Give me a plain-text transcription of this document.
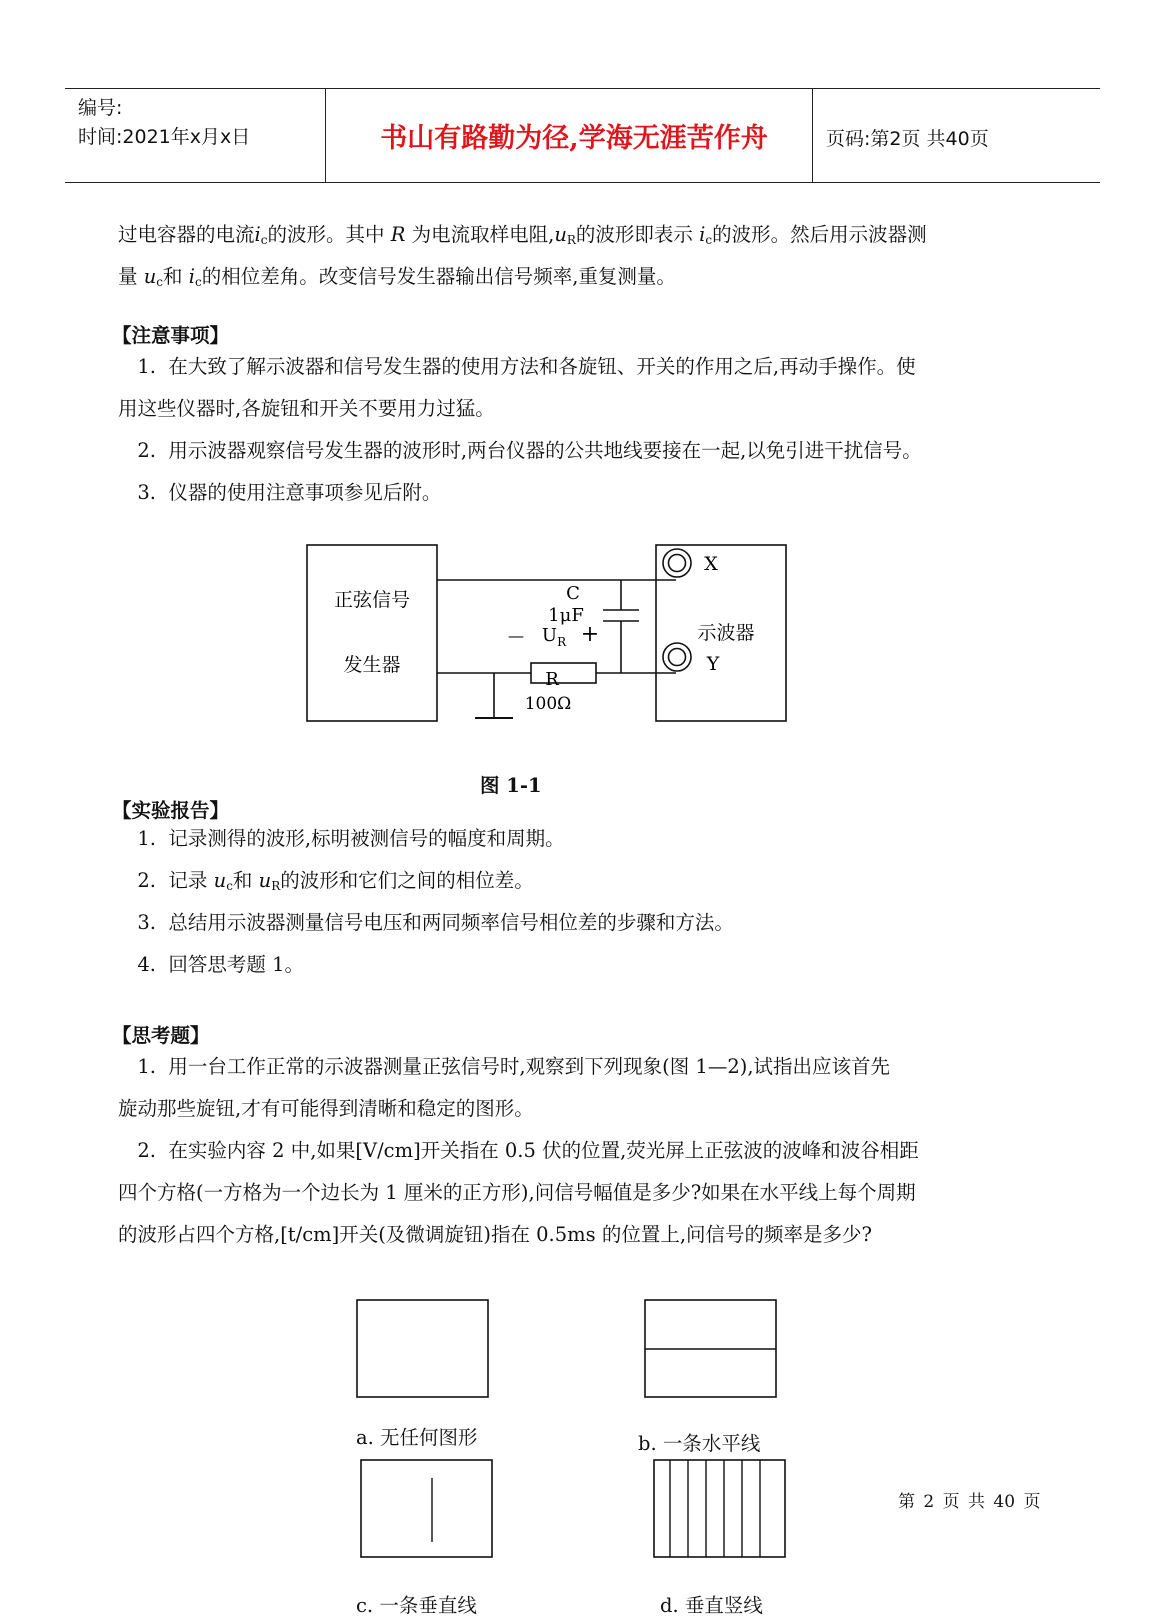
编号:
时间:2021年x月x日	书山有路勤为径,学海无涯苦作舟	页码:第2页 共40页
过电容器的电流$i_c$的波形。其中 R 为电流取样电阻$,u_R$的波形即表示 $i_c$的波形。然后用示波器测
量 $u_c$和 $i_c$的相位差角。改变信号发生器输出信号频率,重复测量。
【注意事项】
1. 在大致了解示波器和信号发生器的使用方法和各旋钮、开关的作用之后,再动手操作。使
用这些仪器时,各旋钮和开关不要用力过猛。
2. 用示波器观察信号发生器的波形时,两台仪器的公共地线要接在一起,以免引进干扰信号。
3. 仪器的使用注意事项参见后附。
正弦信号
发生器
示波器
C
1μF
— $U_R$ +
R
100Ω
X
Y
图 1-1
【实验报告】
1. 记录测得的波形,标明被测信号的幅度和周期。
2. 记录 $u_c$和 $u_R$的波形和它们之间的相位差。
3. 总结用示波器测量信号电压和两同频率信号相位差的步骤和方法。
4. 回答思考题 1。
【思考题】
1. 用一台工作正常的示波器测量正弦信号时,观察到下列现象(图 1—2),试指出应该首先
旋动那些旋钮,才有可能得到清晰和稳定的图形。
2. 在实验内容 2 中,如果[V/cm]开关指在 0.5 伏的位置,荧光屏上正弦波的波峰和波谷相距
四个方格(一方格为一个边长为 1 厘米的正方形),问信号幅值是多少?如果在水平线上每个周期
的波形占四个方格,[t/cm]开关(及微调旋钮)指在 0.5ms 的位置上,问信号的频率是多少?
a. 无任何图形	b. 一条水平线
c. 一条垂直线	d. 垂直竖线
第 2 页 共 40 页
